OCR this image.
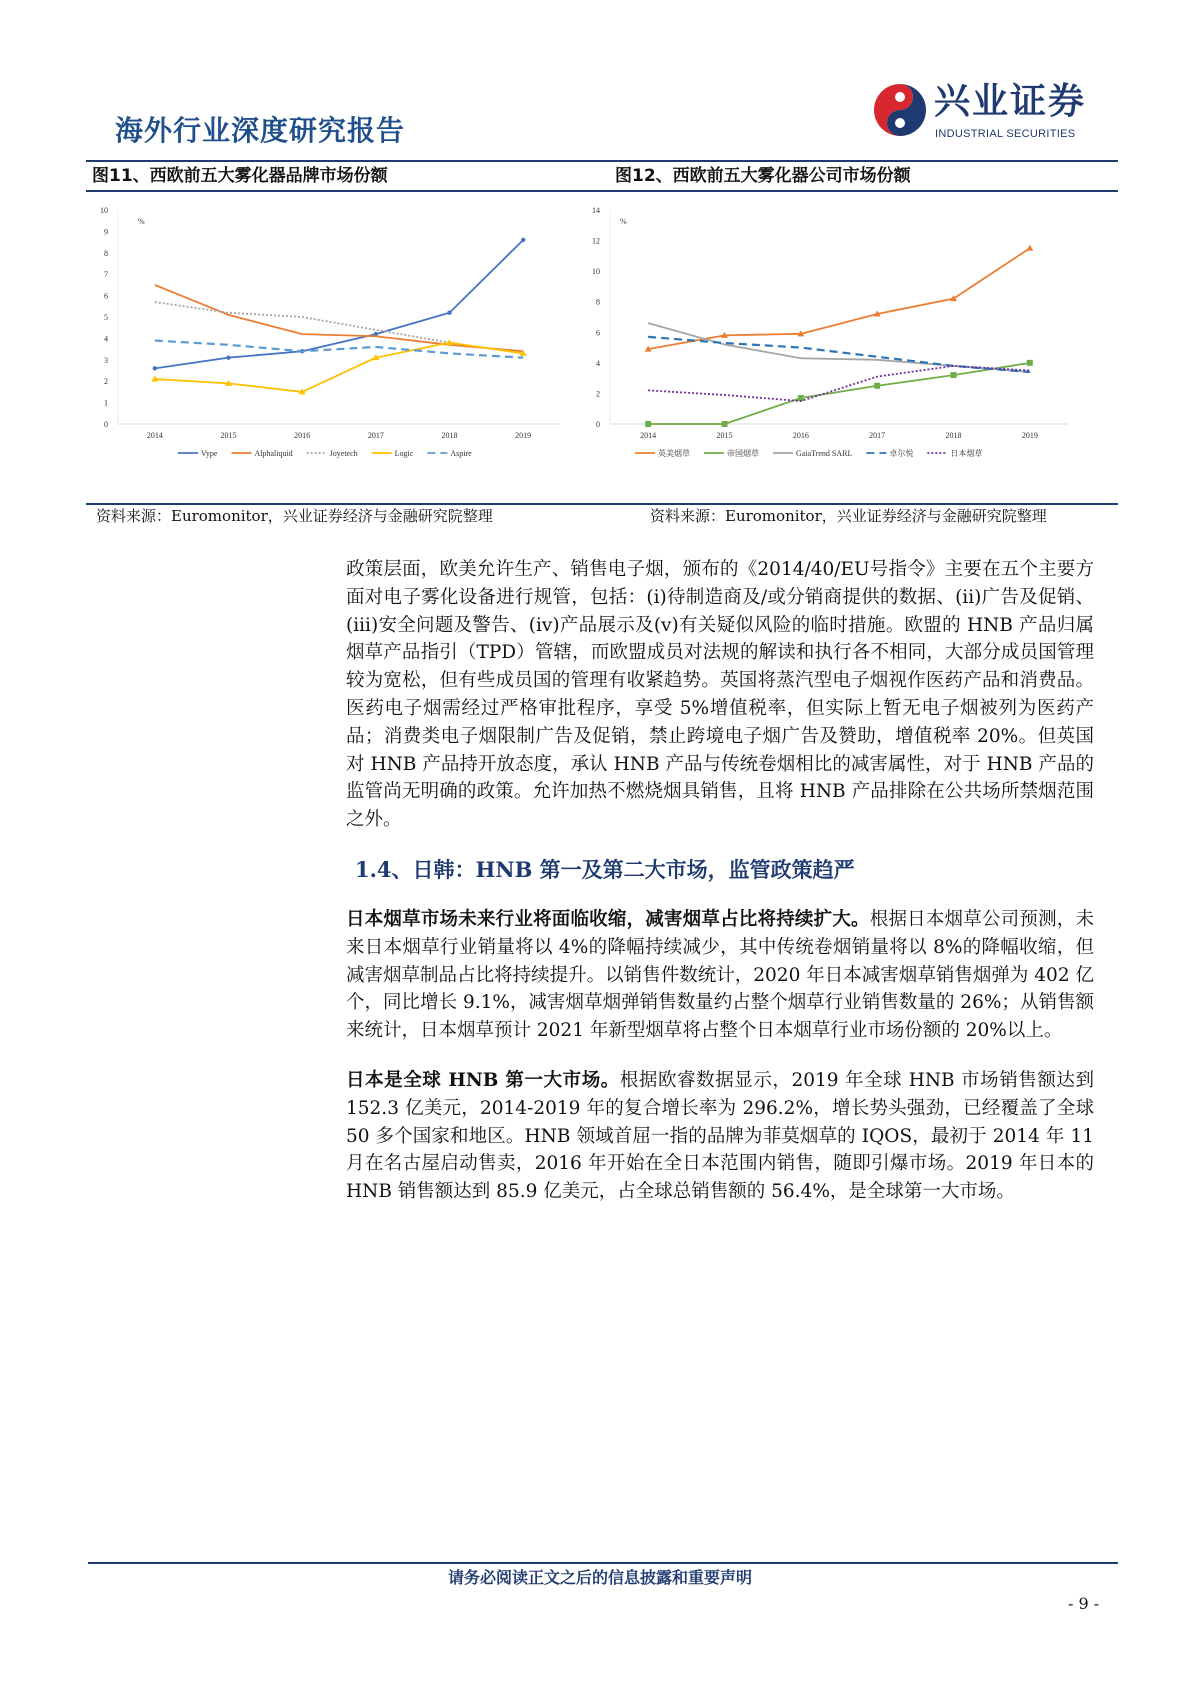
海外行业深度研究报告
兴业证券
INDUSTRIAL SECURITIES
图11、西欧前五大雾化器品牌市场份额	图12、西欧前五大雾化器公司市场份额
0
1
2
3
4
5
6
7
8
9
10
%
2014	2015	2016	2017	2018	2019
Vype	Alphaliquid	Joyetech	Logic	Aspire
0
2
4
6
8
10
12
14
%
2014	2015	2016	2017	2018	2019
英美烟草	帝国烟草	GaiaTrend SARL	卓尔悦	日本烟草
资料来源：Euromonitor，兴业证券经济与金融研究院整理	资料来源：Euromonitor，兴业证券经济与金融研究院整理

政策层面，欧美允许生产、销售电子烟，颁布的《2014/40/EU号指令》主要在五个主要方面对电子雾化设备进行规管，包括：(i)待制造商及/或分销商提供的数据、(ii)广告及促销、(iii)安全问题及警告、(iv)产品展示及(v)有关疑似风险的临时措施。欧盟的 HNB 产品归属烟草产品指引（TPD）管辖，而欧盟成员对法规的解读和执行各不相同，大部分成员国管理较为宽松，但有些成员国的管理有收紧趋势。英国将蒸汽型电子烟视作医药产品和消费品。医药电子烟需经过严格审批程序，享受 5%增值税率，但实际上暂无电子烟被列为医药产品；消费类电子烟限制广告及促销，禁止跨境电子烟广告及赞助，增值税率 20%。但英国对 HNB 产品持开放态度，承认 HNB 产品与传统卷烟相比的减害属性，对于 HNB 产品的监管尚无明确的政策。允许加热不燃烧烟具销售，且将 HNB 产品排除在公共场所禁烟范围之外。

1.4、日韩：HNB 第一及第二大市场，监管政策趋严

日本烟草市场未来行业将面临收缩，减害烟草占比将持续扩大。根据日本烟草公司预测，未来日本烟草行业销量将以 4%的降幅持续减少，其中传统卷烟销量将以 8%的降幅收缩，但减害烟草制品占比将持续提升。以销售件数统计，2020 年日本减害烟草销售烟弹为 402 亿个，同比增长 9.1%，减害烟草烟弹销售数量约占整个烟草行业销售数量的 26%；从销售额来统计，日本烟草预计 2021 年新型烟草将占整个日本烟草行业市场份额的 20%以上。

日本是全球 HNB 第一大市场。根据欧睿数据显示，2019 年全球 HNB 市场销售额达到 152.3 亿美元，2014-2019 年的复合增长率为 296.2%，增长势头强劲，已经覆盖了全球 50 多个国家和地区。HNB 领域首屈一指的品牌为菲莫烟草的 IQOS，最初于 2014 年 11 月在名古屋启动售卖，2016 年开始在全日本范围内销售，随即引爆市场。2019 年日本的 HNB 销售额达到 85.9 亿美元，占全球总销售额的 56.4%，是全球第一大市场。

请务必阅读正文之后的信息披露和重要声明
- 9 -
